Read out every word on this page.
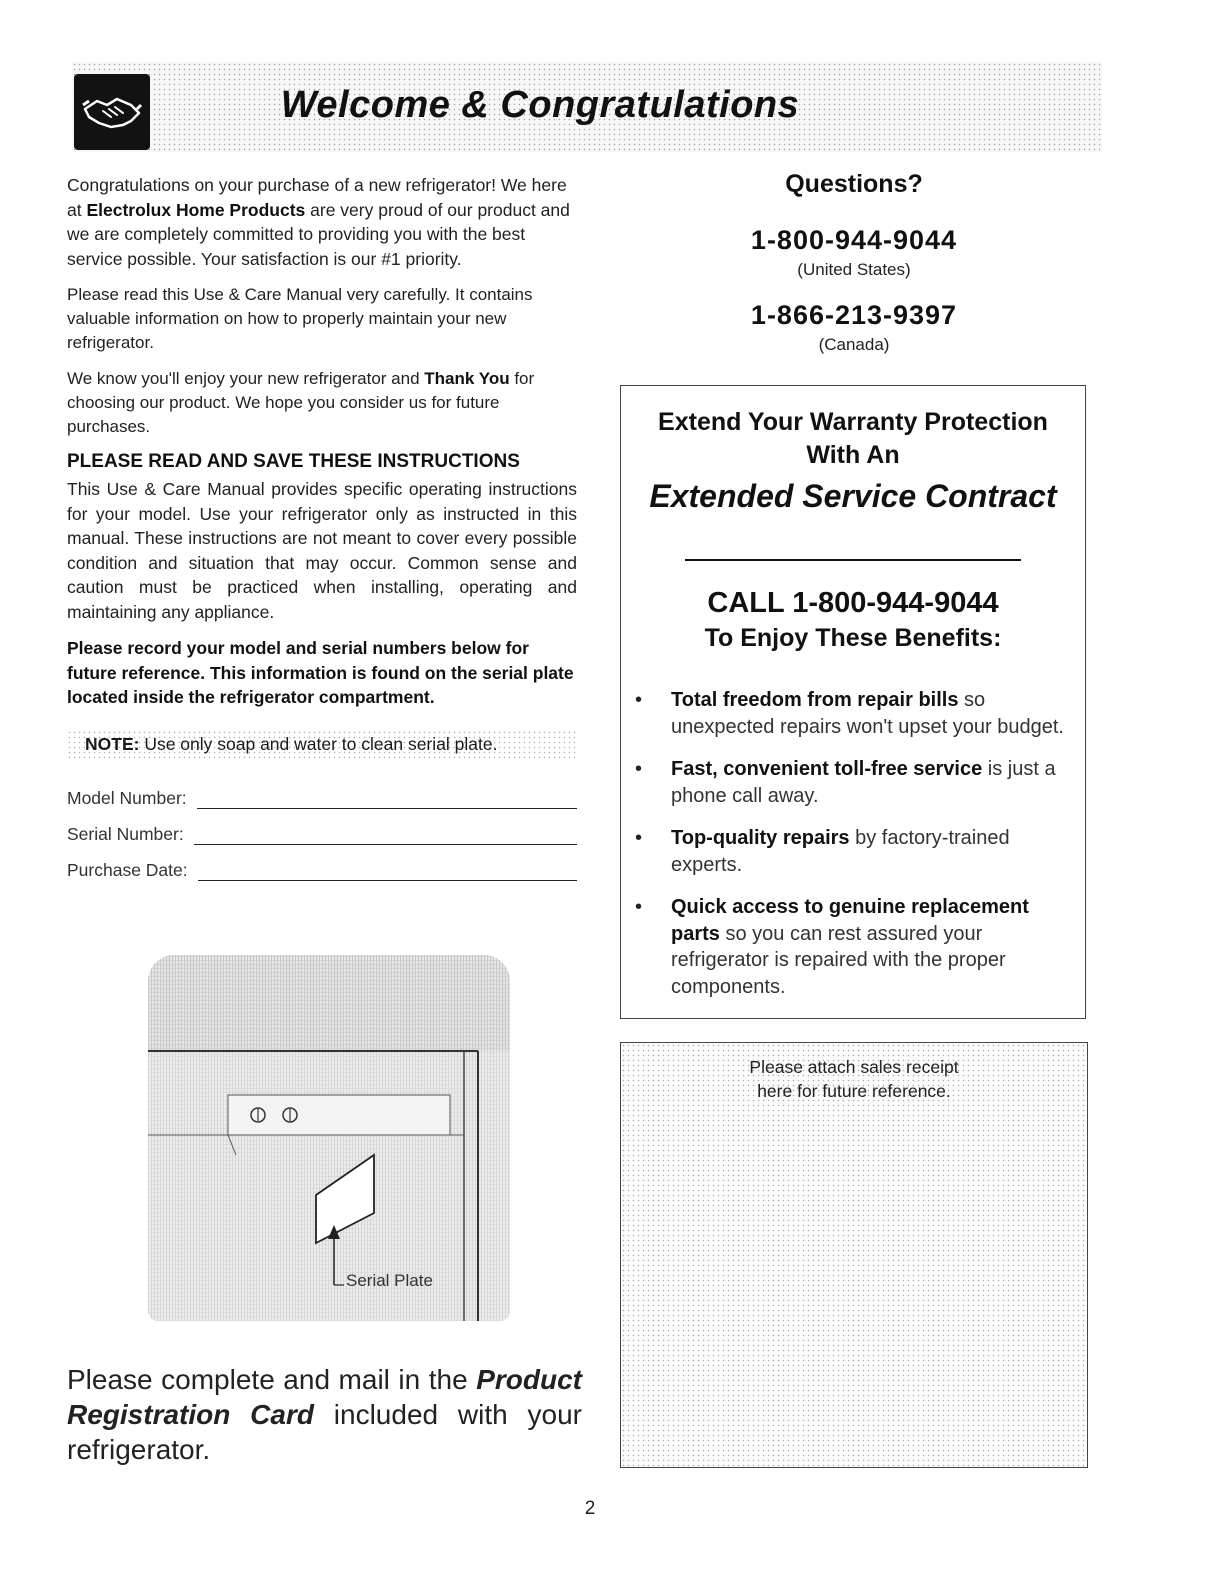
Welcome & Congratulations

Congratulations on your purchase of a new refrigerator! We here at Electrolux Home Products are very proud of our product and we are completely committed to providing you with the best service possible. Your satisfaction is our #1 priority.

Please read this Use & Care Manual very carefully. It contains valuable information on how to properly maintain your new refrigerator.

We know you'll enjoy your new refrigerator and Thank You for choosing our product. We hope you consider us for future purchases.

PLEASE READ AND SAVE THESE INSTRUCTIONS

This Use & Care Manual provides specific operating instructions for your model. Use your refrigerator only as instructed in this manual. These instructions are not meant to cover every possible condition and situation that may occur. Common sense and caution must be practiced when installing, operating and maintaining any appliance.

Please record your model and serial numbers below for future reference. This information is found on the serial plate located inside the refrigerator compartment.
NOTE: Use only soap and water to clean serial plate.
Model Number:
Serial Number:
Purchase Date:
Serial Plate
Please complete and mail in the Product
Registration Card included with your
refrigerator.
Questions?
1-800-944-9044
(United States)
1-866-213-9397
(Canada)
Extend Your Warranty Protection
With An
Extended Service Contract
CALL 1-800-944-9044
To Enjoy These Benefits:
• Total freedom from repair bills so unexpected repairs won't upset your budget.
• Fast, convenient toll-free service is just a phone call away.
• Top-quality repairs by factory-trained experts.
• Quick access to genuine replacement parts so you can rest assured your refrigerator is repaired with the proper components.
Please attach sales receipt
here for future reference.
2
